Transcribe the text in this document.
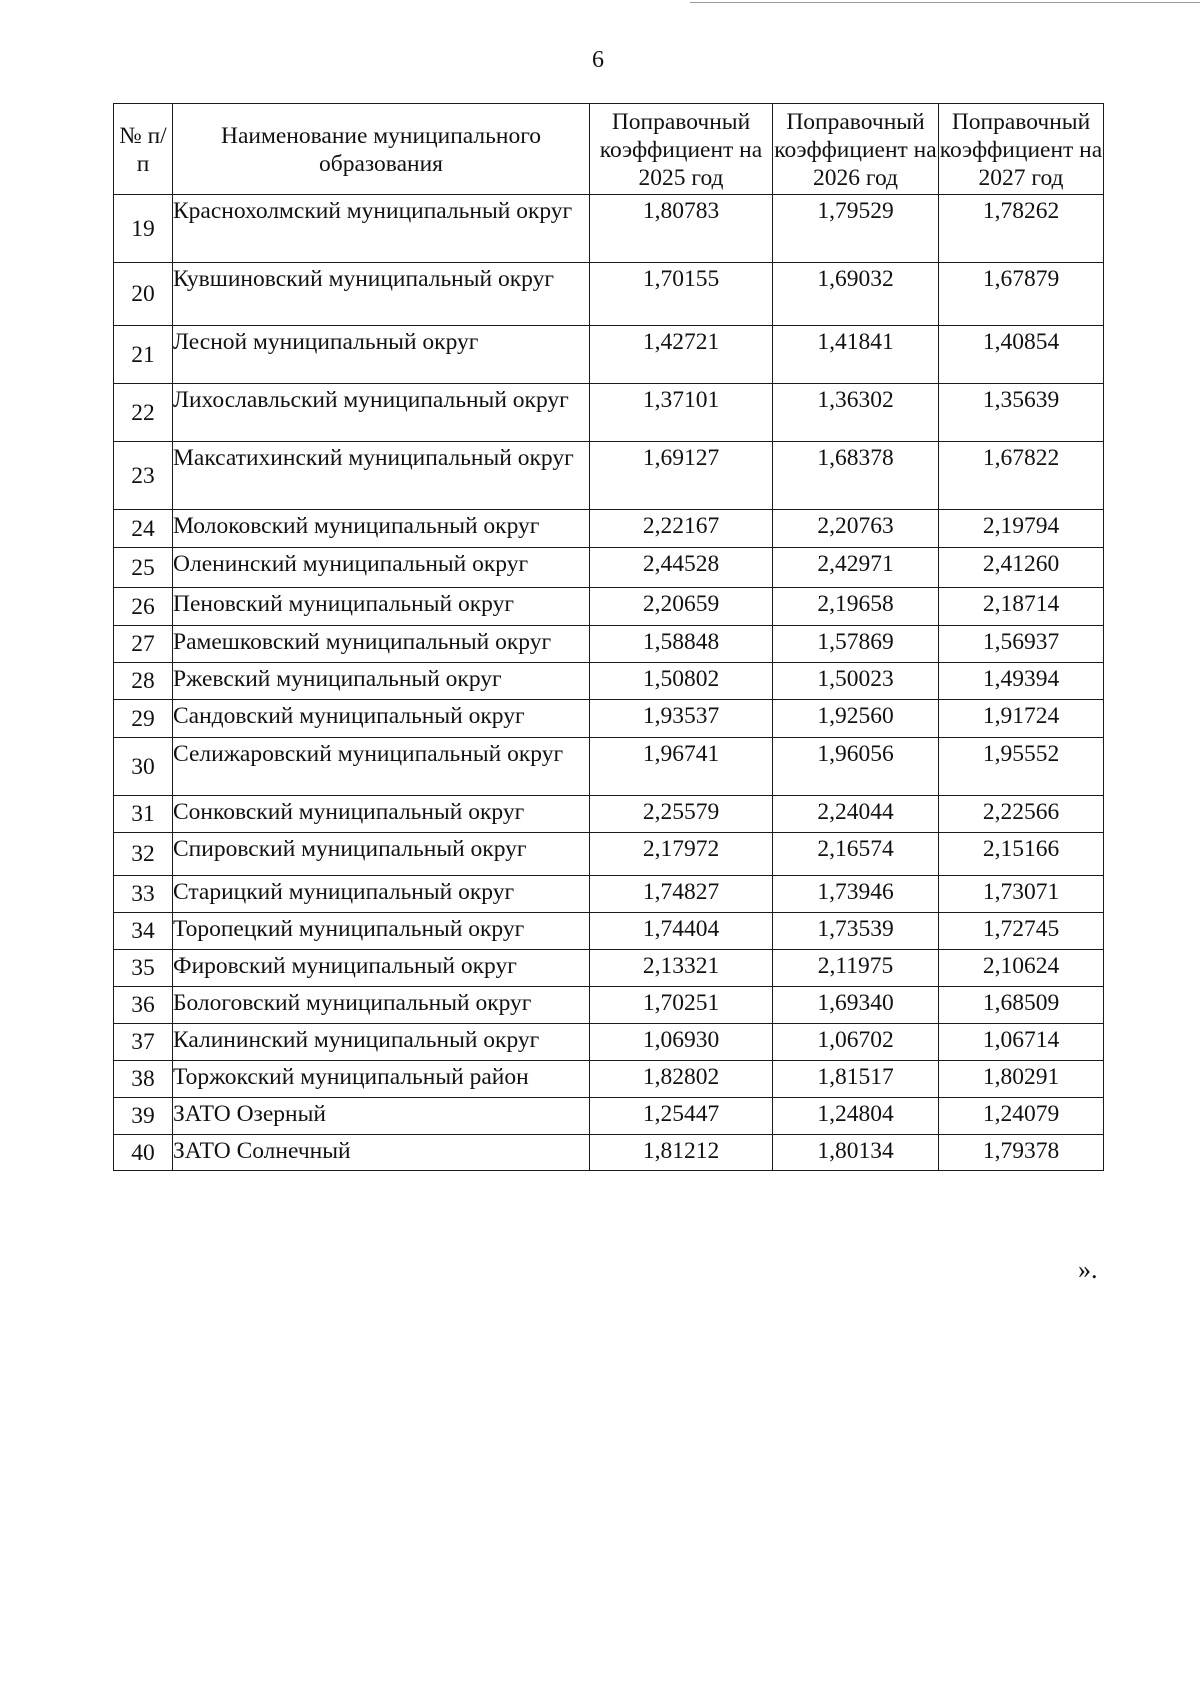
6
№ п/п	Наименование муниципального образования	Поправочный коэффициент на 2025 год	Поправочный коэффициент на 2026 год	Поправочный коэффициент на 2027 год
19	Краснохолмский муниципальный округ	1,80783	1,79529	1,78262
20	Кувшиновский муниципальный округ	1,70155	1,69032	1,67879
21	Лесной муниципальный округ	1,42721	1,41841	1,40854
22	Лихославльский муниципальный округ	1,37101	1,36302	1,35639
23	Максатихинский муниципальный округ	1,69127	1,68378	1,67822
24	Молоковский муниципальный округ	2,22167	2,20763	2,19794
25	Оленинский муниципальный округ	2,44528	2,42971	2,41260
26	Пеновский муниципальный округ	2,20659	2,19658	2,18714
27	Рамешковский муниципальный округ	1,58848	1,57869	1,56937
28	Ржевский муниципальный округ	1,50802	1,50023	1,49394
29	Сандовский муниципальный округ	1,93537	1,92560	1,91724
30	Селижаровский муниципальный округ	1,96741	1,96056	1,95552
31	Сонковский муниципальный округ	2,25579	2,24044	2,22566
32	Спировский муниципальный округ	2,17972	2,16574	2,15166
33	Старицкий муниципальный округ	1,74827	1,73946	1,73071
34	Торопецкий муниципальный округ	1,74404	1,73539	1,72745
35	Фировский муниципальный округ	2,13321	2,11975	2,10624
36	Бологовский муниципальный округ	1,70251	1,69340	1,68509
37	Калининский муниципальный округ	1,06930	1,06702	1,06714
38	Торжокский муниципальный район	1,82802	1,81517	1,80291
39	ЗАТО Озерный	1,25447	1,24804	1,24079
40	ЗАТО Солнечный	1,81212	1,80134	1,79378
».
